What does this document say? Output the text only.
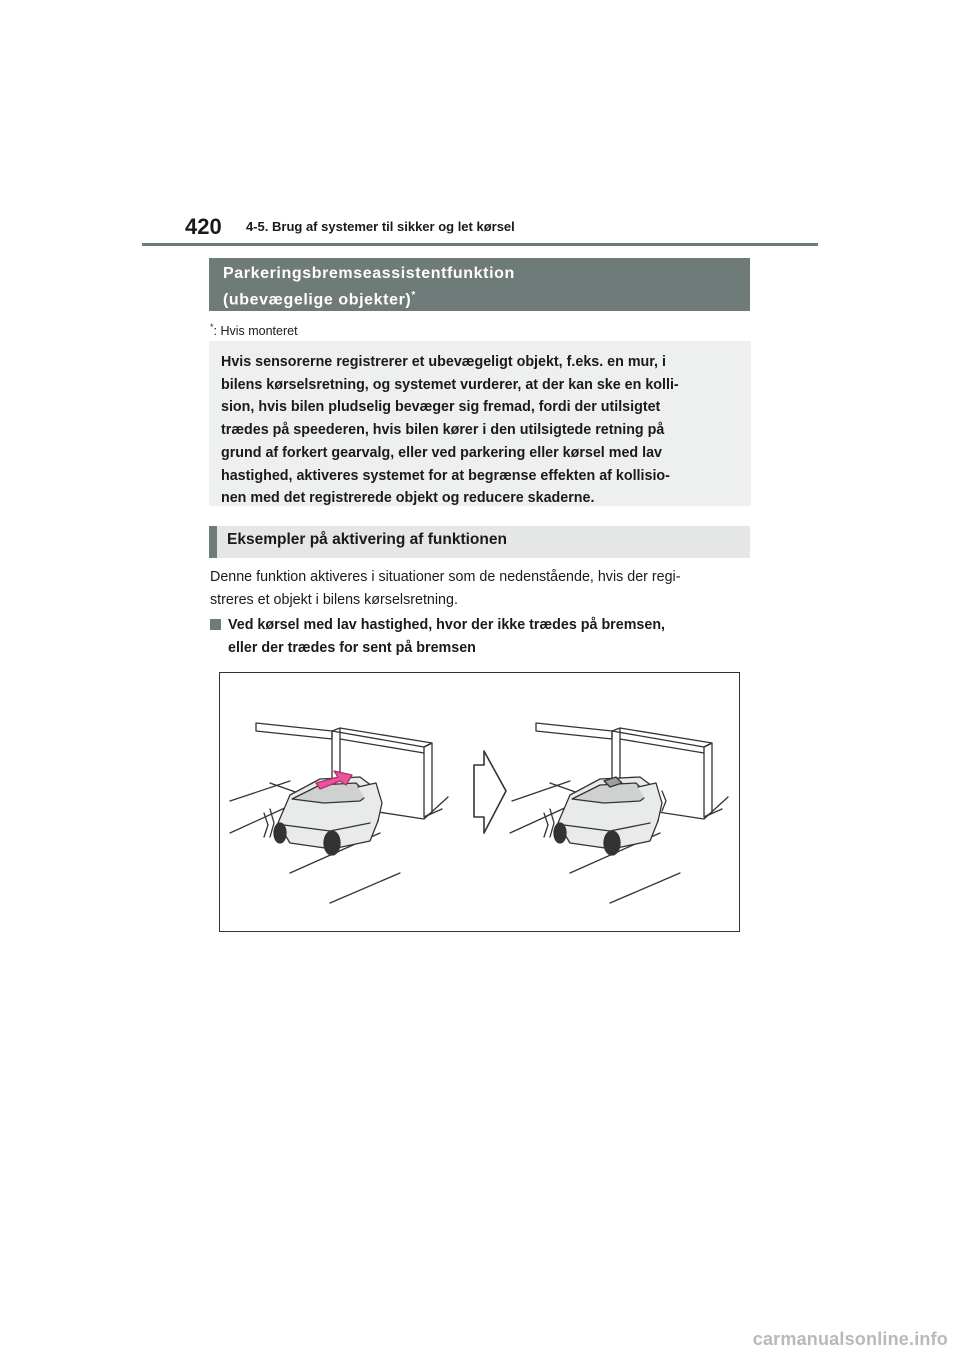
420 4-5. Brug af systemer til sikker og let kørsel
Parkeringsbremseassistentfunktion
(ubevægelige objekter)*
*: Hvis monteret
Hvis sensorerne registrerer et ubevægeligt objekt, f.eks. en mur, i
bilens kørselsretning, og systemet vurderer, at der kan ske en kolli-
sion, hvis bilen pludselig bevæger sig fremad, fordi der utilsigtet
trædes på speederen, hvis bilen kører i den utilsigtede retning på
grund af forkert gearvalg, eller ved parkering eller kørsel med lav
hastighed, aktiveres systemet for at begrænse effekten af kollisio-
nen med det registrerede objekt og reducere skaderne.
Eksempler på aktivering af funktionen
Denne funktion aktiveres i situationer som de nedenstående, hvis der regi-
streres et objekt i bilens kørselsretning.
Ved kørsel med lav hastighed, hvor der ikke trædes på bremsen,
eller der trædes for sent på bremsen
carmanualsonline.info
